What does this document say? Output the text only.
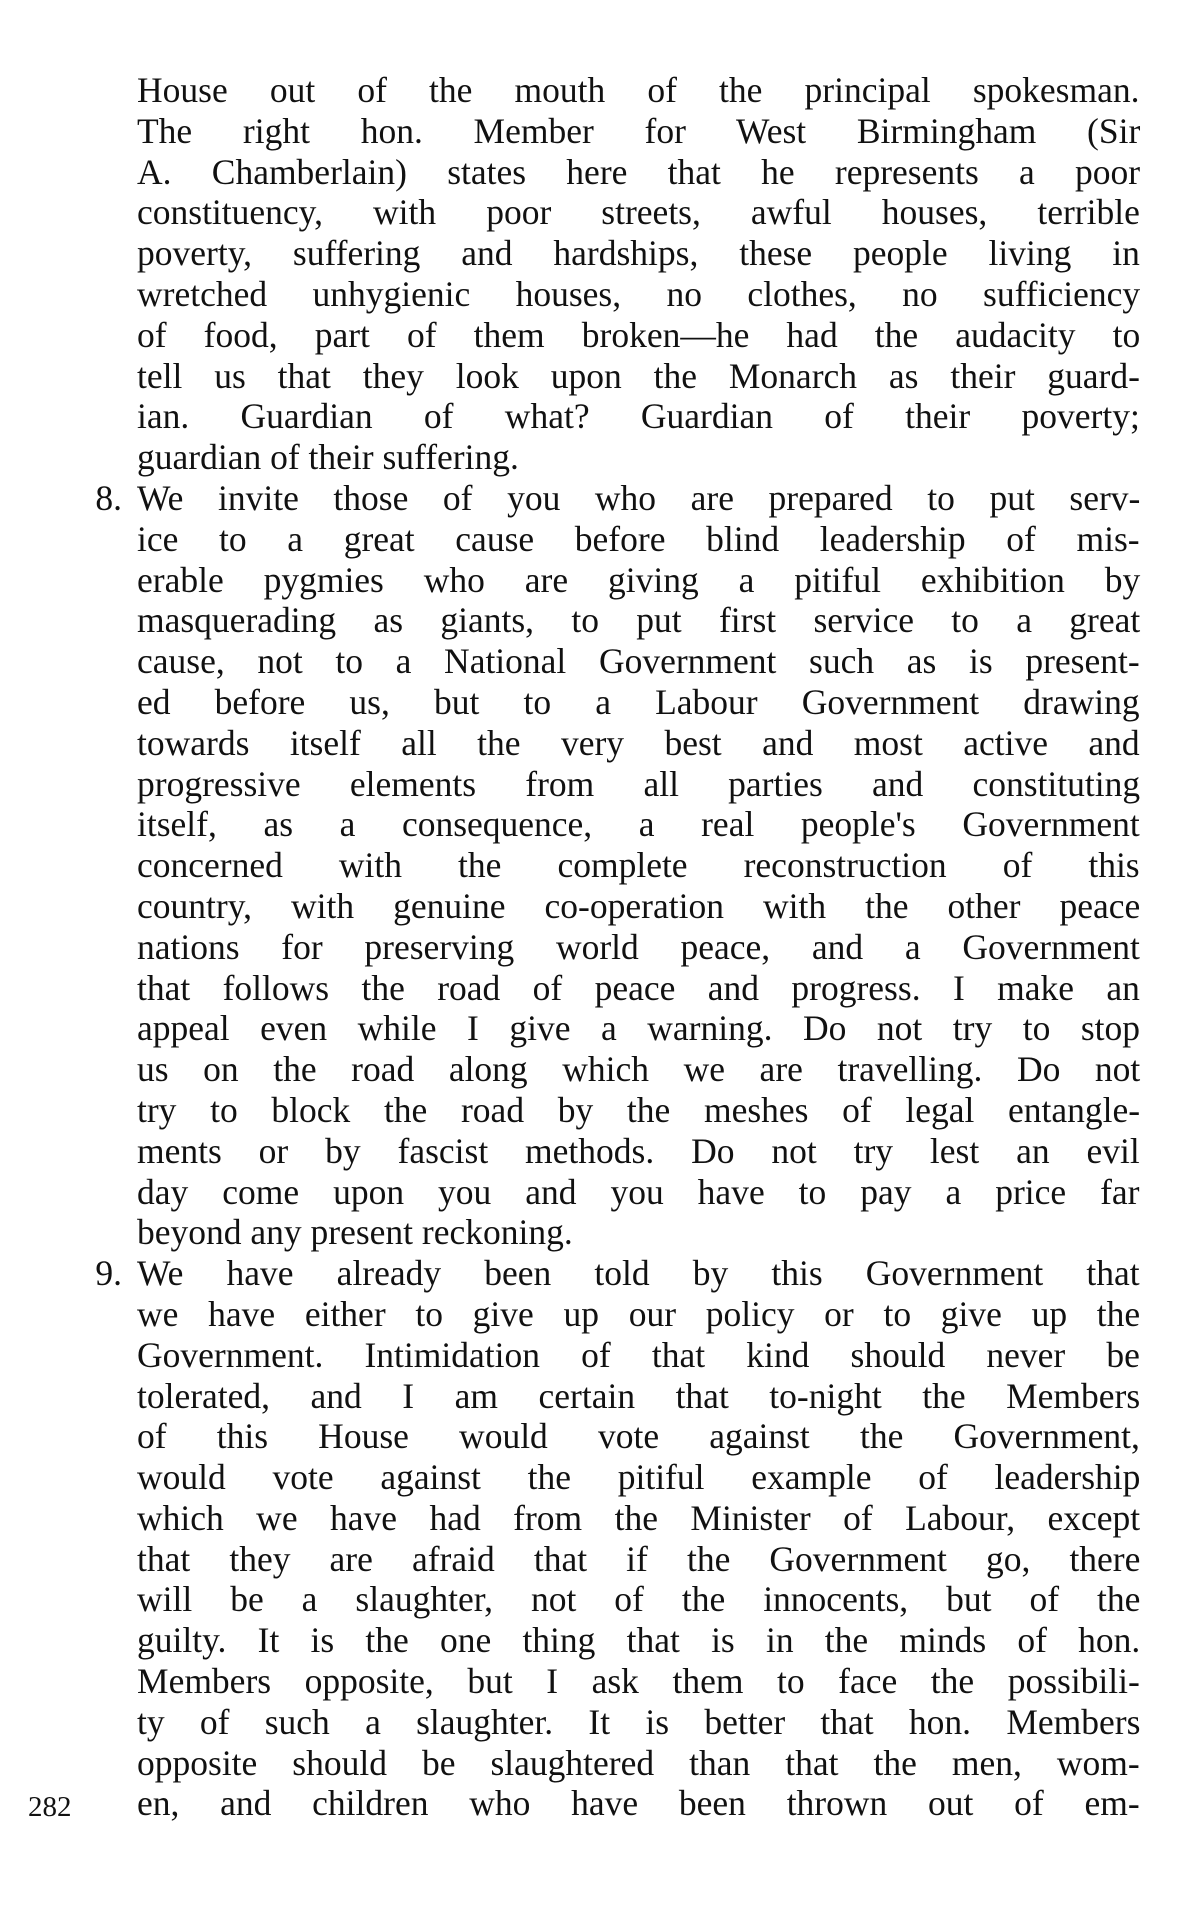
House out of the mouth of the principal spokesman.
The right hon. Member for West Birmingham (Sir
A. Chamberlain) states here that he represents a poor
constituency, with poor streets, awful houses, terrible
poverty, suffering and hardships, these people living in
wretched unhygienic houses, no clothes, no sufficiency
of food, part of them broken—he had the audacity to
tell us that they look upon the Monarch as their guard-
ian. Guardian of what? Guardian of their poverty;
guardian of their suffering.
8. We invite those of you who are prepared to put serv-
ice to a great cause before blind leadership of mis-
erable pygmies who are giving a pitiful exhibition by
masquerading as giants, to put first service to a great
cause, not to a National Government such as is present-
ed before us, but to a Labour Government drawing
towards itself all the very best and most active and
progressive elements from all parties and constituting
itself, as a consequence, a real people's Government
concerned with the complete reconstruction of this
country, with genuine co-operation with the other peace
nations for preserving world peace, and a Government
that follows the road of peace and progress. I make an
appeal even while I give a warning. Do not try to stop
us on the road along which we are travelling. Do not
try to block the road by the meshes of legal entangle-
ments or by fascist methods. Do not try lest an evil
day come upon you and you have to pay a price far
beyond any present reckoning.
9. We have already been told by this Government that
we have either to give up our policy or to give up the
Government. Intimidation of that kind should never be
tolerated, and I am certain that to-night the Members
of this House would vote against the Government,
would vote against the pitiful example of leadership
which we have had from the Minister of Labour, except
that they are afraid that if the Government go, there
will be a slaughter, not of the innocents, but of the
guilty. It is the one thing that is in the minds of hon.
Members opposite, but I ask them to face the possibili-
ty of such a slaughter. It is better that hon. Members
opposite should be slaughtered than that the men, wom-
en, and children who have been thrown out of em-
282
